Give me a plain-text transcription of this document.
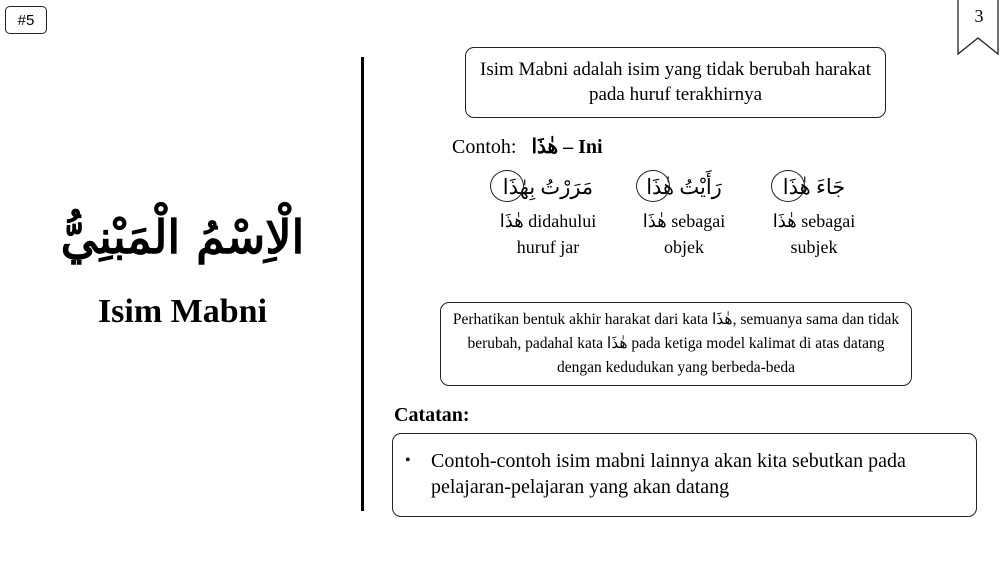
#5	3
الْاِسْمُ الْمَبْنِيُّ
Isim Mabni
Isim Mabni adalah isim yang tidak berubah harakat pada huruf terakhirnya
Contoh: هٰذَا – Ini
مَرَرْتُ بِهٰذَا
هٰذَا didahului
huruf jar
رَأَيْتُ هٰذَا
هٰذَا sebagai
objek
جَاءَ هٰذَا
هٰذَا sebagai
subjek
Perhatikan bentuk akhir harakat dari kata هٰذَا, semuanya sama dan tidak berubah, padahal kata هٰذَا pada ketiga model kalimat di atas datang dengan kedudukan yang berbeda-beda
Catatan:
• Contoh-contoh isim mabni lainnya akan kita sebutkan pada pelajaran-pelajaran yang akan datang
